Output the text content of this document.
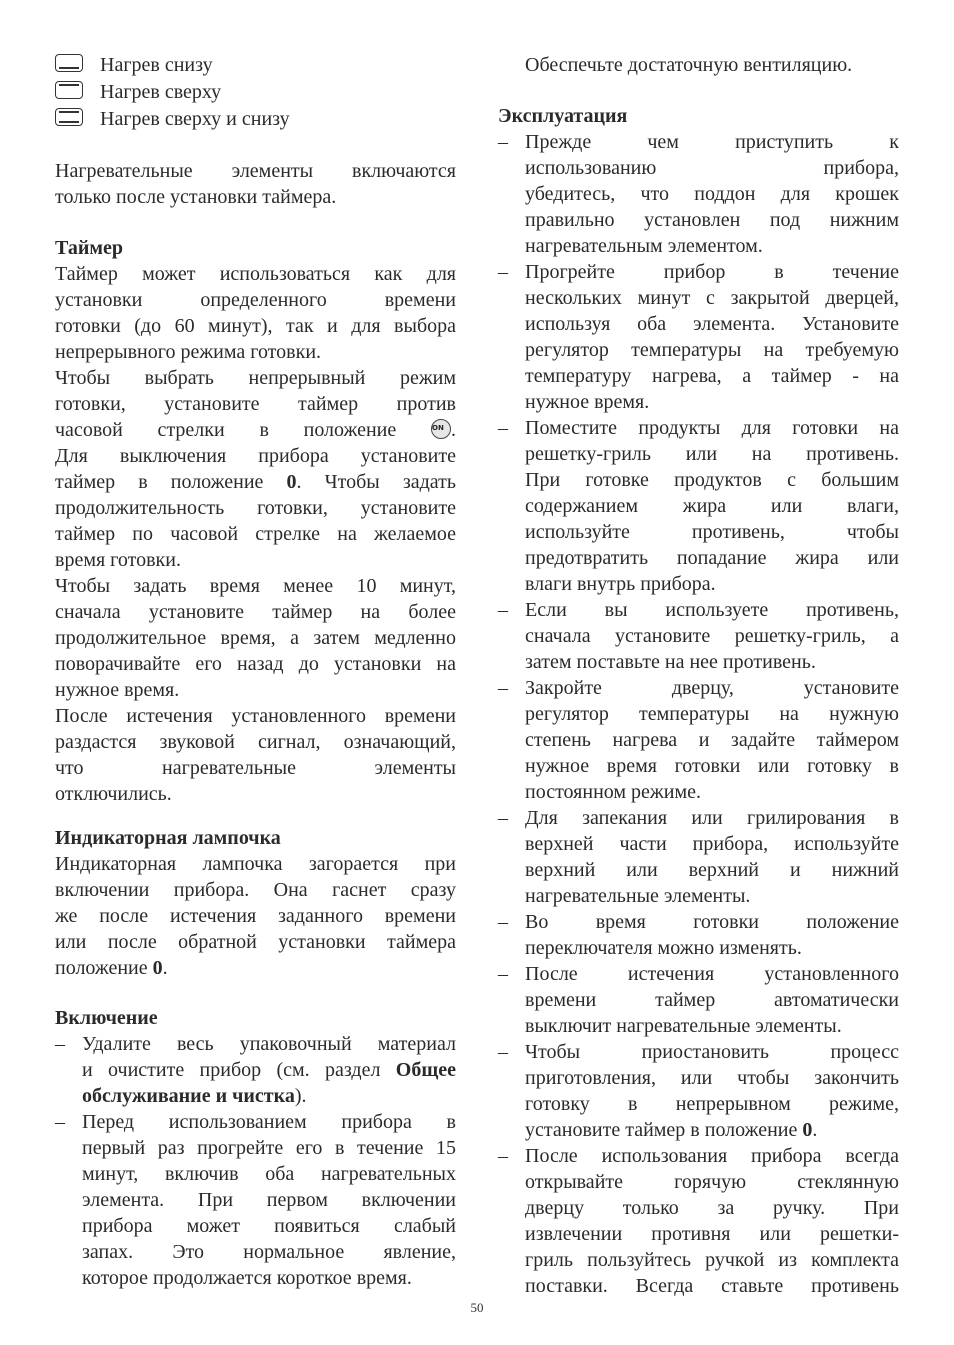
Нагрев снизу
Нагрев сверху
Нагрев сверху и снизу
Нагревательные элементы включаются
только после установки таймера.
Таймер
Таймер может использоваться как для
установки определенного времени
готовки (до 60 минут), так и для выбора
непрерывного режима готовки.
Чтобы выбрать непрерывный режим
готовки, установите таймер против
часовой стрелки в положение	ON .
Для выключения прибора установите
таймер в положение 0. Чтобы задать
продолжительность готовки, установите
таймер по часовой стрелке на желаемое
время готовки.
Чтобы задать время менее 10 минут,
сначала установите таймер на более
продолжительное время, а затем медленно
поворачивайте его назад до установки на
нужное время.
После истечения установленного времени
раздастся звуковой сигнал, означающий,
что нагревательные элементы
отключились.
Индикаторная лампочка
Индикаторная лампочка загорается при
включении прибора. Она гаснет сразу
же после истечения заданного времени
или после обратной установки таймера
положение 0.
Включение
– Удалите весь упаковочный материал
и очистите прибор (см. раздел Общее
обслуживание и чистка).
– Перед использованием прибора в
первый раз прогрейте его в течение 15
минут, включив оба нагревательных
элемента. При первом включении
прибора может появиться слабый
запах. Это нормальное явление,
которое продолжается короткое время.
Обеспечьте достаточную вентиляцию.
Эксплуатация
– Прежде чем приступить к
использованию прибора,
убедитесь, что поддон для крошек
правильно установлен под нижним
нагревательным элементом.
– Прогрейте прибор в течение
нескольких минут с закрытой дверцей,
используя оба элемента. Установите
регулятор температуры на требуемую
температуру нагрева, а таймер - на
нужное время.
– Поместите продукты для готовки на
решетку-гриль или на противень.
При готовке продуктов с большим
содержанием жира или влаги,
используйте противень, чтобы
предотвратить попадание жира или
влаги внутрь прибора.
– Если вы используете противень,
сначала установите решетку-гриль, а
затем поставьте на нее противень.
– Закройте дверцу, установите
регулятор температуры на нужную
степень нагрева и задайте таймером
нужное время готовки или готовку в
постоянном режиме.
– Для запекания или грилирования в
верхней части прибора, используйте
верхний или верхний и нижний
нагревательные элементы.
– Во время готовки положение
переключателя можно изменять.
– После истечения установленного
времени таймер автоматически
выключит нагревательные элементы.
– Чтобы приостановить процесс
приготовления, или чтобы закончить
готовку в непрерывном режиме,
установите таймер в положение 0.
– После использования прибора всегда
открывайте горячую стеклянную
дверцу только за ручку. При
извлечении противня или решетки-
гриль пользуйтесь ручкой из комплекта
поставки. Всегда ставьте противень
50
